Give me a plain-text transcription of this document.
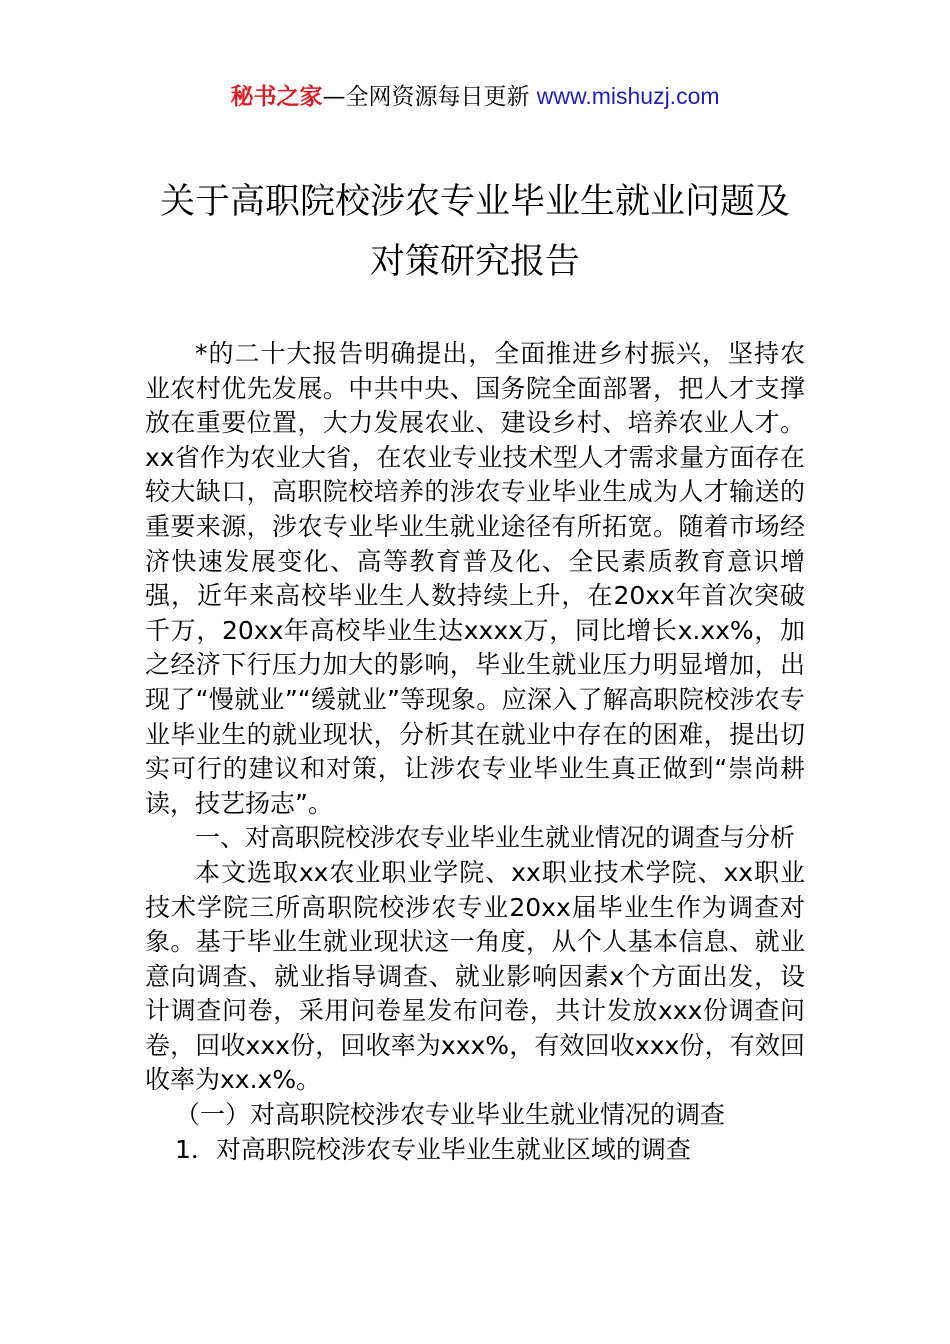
秘书之家—全网资源每日更新 www.mishuzj.com
关于高职院校涉农专业毕业生就业问题及
对策研究报告

*的二十大报告明确提出，全面推进乡村振兴，坚持农业农村优先发展。中共中央、国务院全面部署，把人才支撑放在重要位置，大力发展农业、建设乡村、培养农业人才。xx省作为农业大省，在农业专业技术型人才需求量方面存在较大缺口，高职院校培养的涉农专业毕业生成为人才输送的重要来源，涉农专业毕业生就业途径有所拓宽。随着市场经济快速发展变化、高等教育普及化、全民素质教育意识增强，近年来高校毕业生人数持续上升，在20xx年首次突破千万，20xx年高校毕业生达xxxx万，同比增长x.xx%，加之经济下行压力加大的影响，毕业生就业压力明显增加，出现了“慢就业”“缓就业”等现象。应深入了解高职院校涉农专业毕业生的就业现状，分析其在就业中存在的困难，提出切实可行的建议和对策，让涉农专业毕业生真正做到“崇尚耕读，技艺扬志”。

一、对高职院校涉农专业毕业生就业情况的调查与分析

本文选取xx农业职业学院、xx职业技术学院、xx职业技术学院三所高职院校涉农专业20xx届毕业生作为调查对象。基于毕业生就业现状这一角度，从个人基本信息、就业意向调查、就业指导调查、就业影响因素x个方面出发，设计调查问卷，采用问卷星发布问卷，共计发放xxx份调查问卷，回收xxx份，回收率为xxx%，有效回收xxx份，有效回收率为xx.x%。

（一）对高职院校涉农专业毕业生就业情况的调查

1．对高职院校涉农专业毕业生就业区域的调查
